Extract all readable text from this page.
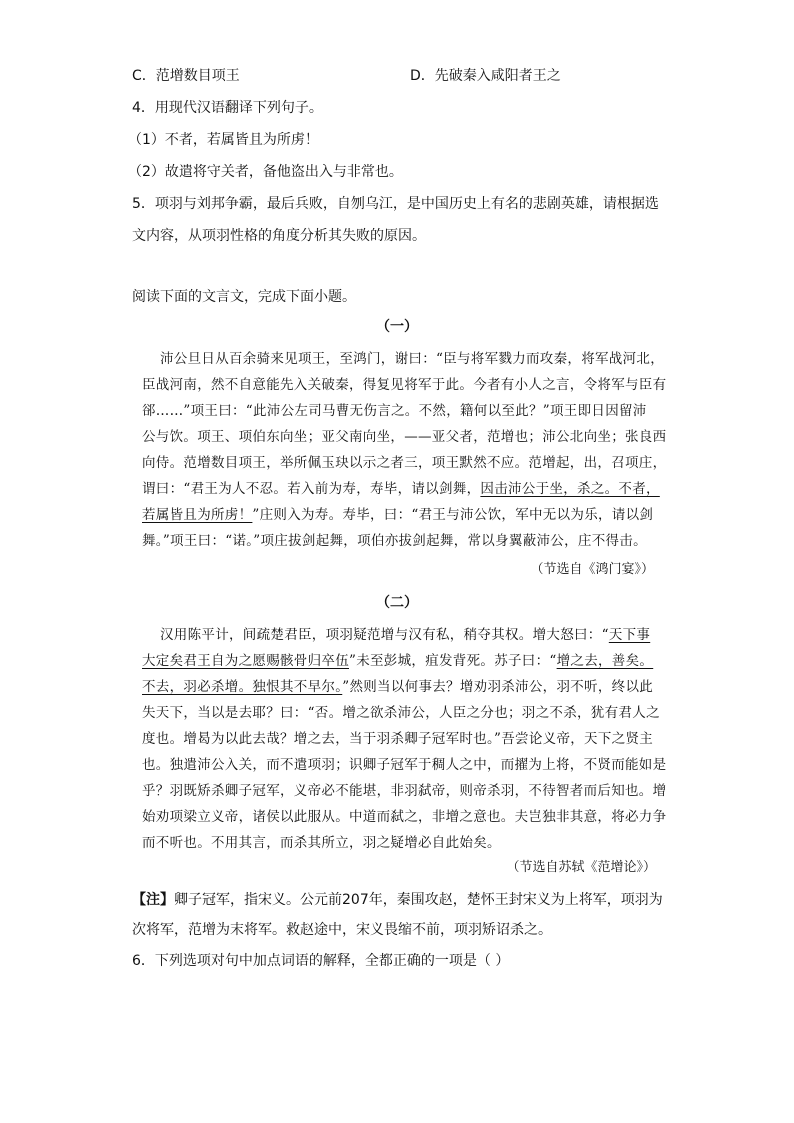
C．范增数目项王	D．先破秦入咸阳者王之
4．用现代汉语翻译下列句子。
（1）不者，若属皆且为所虏！
（2）故遣将守关者，备他盗出入与非常也。
5．项羽与刘邦争霸，最后兵败，自刎乌江，是中国历史上有名的悲剧英雄，请根据选
文内容，从项羽性格的角度分析其失败的原因。
阅读下面的文言文，完成下面小题。
（一）
沛公旦日从百余骑来见项王，至鸿门，谢曰：“臣与将军戮力而攻秦，将军战河北，
臣战河南，然不自意能先入关破秦，得复见将军于此。今者有小人之言，令将军与臣有
郤……”项王曰：“此沛公左司马曹无伤言之。不然，籍何以至此？”项王即日因留沛
公与饮。项王、项伯东向坐；亚父南向坐，——亚父者，范增也；沛公北向坐；张良西
向侍。范增数目项王，举所佩玉玦以示之者三，项王默然不应。范增起，出，召项庄，
谓曰：“君王为人不忍。若入前为寿，寿毕，请以剑舞，因击沛公于坐，杀之。不者，
若属皆且为所虏！”庄则入为寿。寿毕，曰：“君王与沛公饮，军中无以为乐，请以剑
舞。”项王曰：“诺。”项庄拔剑起舞，项伯亦拔剑起舞，常以身翼蔽沛公，庄不得击。
（节选自《鸿门宴》）
（二）
汉用陈平计，间疏楚君臣，项羽疑范增与汉有私，稍夺其权。增大怒曰：“天下事
大定矣君王自为之愿赐骸骨归卒伍”未至彭城，疽发背死。苏子曰：“增之去，善矣。
不去，羽必杀增。独恨其不早尔。”然则当以何事去？增劝羽杀沛公，羽不听，终以此
失天下，当以是去耶？曰：“否。增之欲杀沛公，人臣之分也；羽之不杀，犹有君人之
度也。增曷为以此去哉？增之去，当于羽杀卿子冠军时也。”吾尝论义帝，天下之贤主
也。独遣沛公入关，而不遣项羽；识卿子冠军于稠人之中，而擢为上将，不贤而能如是
乎？羽既矫杀卿子冠军，义帝必不能堪，非羽弑帝，则帝杀羽，不待智者而后知也。增
始劝项梁立义帝，诸侯以此服从。中道而弑之，非增之意也。夫岂独非其意，将必力争
而不听也。不用其言，而杀其所立，羽之疑增必自此始矣。
（节选自苏轼《范增论》）
【注】卿子冠军，指宋义。公元前207年，秦围攻赵，楚怀王封宋义为上将军，项羽为
次将军，范增为末将军。救赵途中，宋义畏缩不前，项羽矫诏杀之。
6．下列选项对句中加点词语的解释，全都正确的一项是（ ）
